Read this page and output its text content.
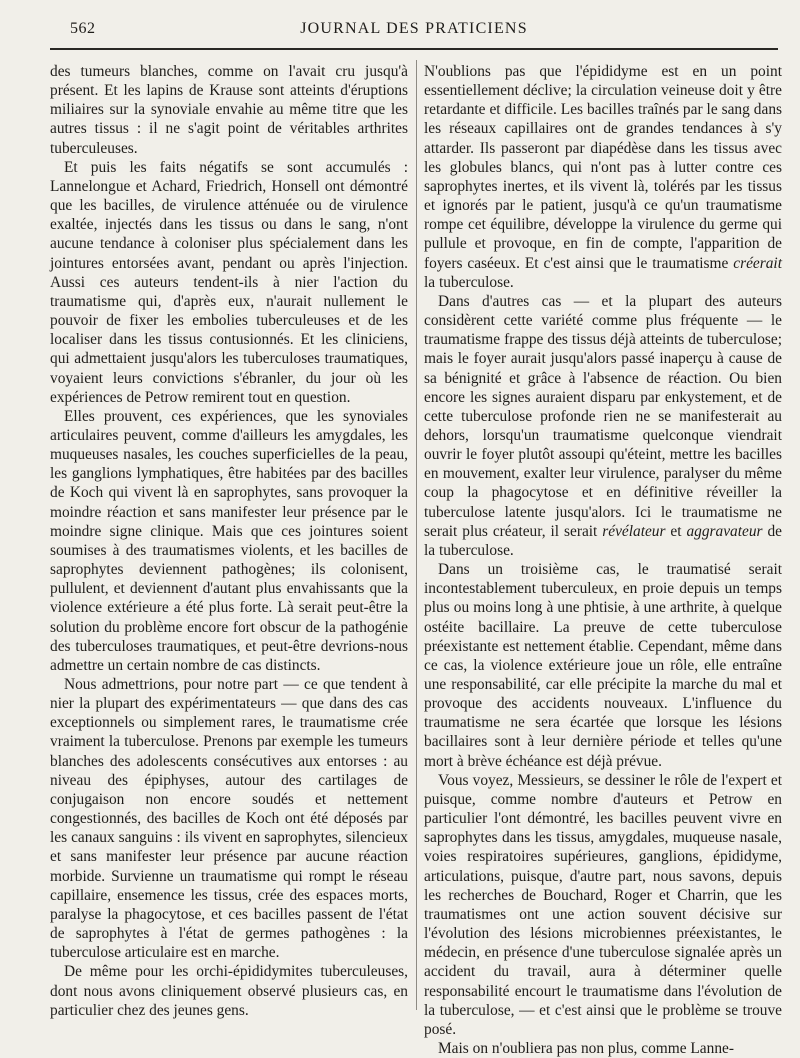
562	JOURNAL DES PRATICIENS

des tumeurs blanches, comme on l'avait cru jusqu'à présent. Et les lapins de Krause sont atteints d'éruptions miliaires sur la synoviale envahie au même titre que les autres tissus : il ne s'agit point de véritables arthrites tuberculeuses.

Et puis les faits négatifs se sont accumulés : Lannelongue et Achard, Friedrich, Honsell ont démontré que les bacilles, de virulence atténuée ou de virulence exaltée, injectés dans les tissus ou dans le sang, n'ont aucune tendance à coloniser plus spécialement dans les jointures entorsées avant, pendant ou après l'injection. Aussi ces auteurs tendent-ils à nier l'action du traumatisme qui, d'après eux, n'aurait nullement le pouvoir de fixer les embolies tuberculeuses et de les localiser dans les tissus contusionnés. Et les cliniciens, qui admettaient jusqu'alors les tuberculoses traumatiques, voyaient leurs convictions s'ébranler, du jour où les expériences de Petrow remirent tout en question.

Elles prouvent, ces expériences, que les synoviales articulaires peuvent, comme d'ailleurs les amygdales, les muqueuses nasales, les couches superficielles de la peau, les ganglions lymphatiques, être habitées par des bacilles de Koch qui vivent là en saprophytes, sans provoquer la moindre réaction et sans manifester leur présence par le moindre signe clinique. Mais que ces jointures soient soumises à des traumatismes violents, et les bacilles de saprophytes deviennent pathogènes; ils colonisent, pullulent, et deviennent d'autant plus envahissants que la violence extérieure a été plus forte. Là serait peut-être la solution du problème encore fort obscur de la pathogénie des tuberculoses traumatiques, et peut-être devrions-nous admettre un certain nombre de cas distincts.

Nous admettrions, pour notre part — ce que tendent à nier la plupart des expérimentateurs — que dans des cas exceptionnels ou simplement rares, le traumatisme crée vraiment la tuberculose. Prenons par exemple les tumeurs blanches des adolescents consécutives aux entorses : au niveau des épiphyses, autour des cartilages de conjugaison non encore soudés et nettement congestionnés, des bacilles de Koch ont été déposés par les canaux sanguins : ils vivent en saprophytes, silencieux et sans manifester leur présence par aucune réaction morbide. Survienne un traumatisme qui rompt le réseau capillaire, ensemence les tissus, crée des espaces morts, paralyse la phagocytose, et ces bacilles passent de l'état de saprophytes à l'état de germes pathogènes : la tuberculose articulaire est en marche.

De même pour les orchi-épididymites tuberculeuses, dont nous avons cliniquement observé plusieurs cas, en particulier chez des jeunes gens.

N'oublions pas que l'épididyme est en un point essentiellement déclive; la circulation veineuse doit y être retardante et difficile. Les bacilles traînés par le sang dans les réseaux capillaires ont de grandes tendances à s'y attarder. Ils passeront par diapédèse dans les tissus avec les globules blancs, qui n'ont pas à lutter contre ces saprophytes inertes, et ils vivent là, tolérés par les tissus et ignorés par le patient, jusqu'à ce qu'un traumatisme rompe cet équilibre, développe la virulence du germe qui pullule et provoque, en fin de compte, l'apparition de foyers caséeux. Et c'est ainsi que le traumatisme créerait la tuberculose.

Dans d'autres cas — et la plupart des auteurs considèrent cette variété comme plus fréquente — le traumatisme frappe des tissus déjà atteints de tuberculose; mais le foyer aurait jusqu'alors passé inaperçu à cause de sa bénignité et grâce à l'absence de réaction. Ou bien encore les signes auraient disparu par enkystement, et de cette tuberculose profonde rien ne se manifesterait au dehors, lorsqu'un traumatisme quelconque viendrait ouvrir le foyer plutôt assoupi qu'éteint, mettre les bacilles en mouvement, exalter leur virulence, paralyser du même coup la phagocytose et en définitive réveiller la tuberculose latente jusqu'alors. Ici le traumatisme ne serait plus créateur, il serait révélateur et aggravateur de la tuberculose.

Dans un troisième cas, le traumatisé serait incontestablement tuberculeux, en proie depuis un temps plus ou moins long à une phtisie, à une arthrite, à quelque ostéite bacillaire. La preuve de cette tuberculose préexistante est nettement établie. Cependant, même dans ce cas, la violence extérieure joue un rôle, elle entraîne une responsabilité, car elle précipite la marche du mal et provoque des accidents nouveaux. L'influence du traumatisme ne sera écartée que lorsque les lésions bacillaires sont à leur dernière période et telles qu'une mort à brève échéance est déjà prévue.

Vous voyez, Messieurs, se dessiner le rôle de l'expert et puisque, comme nombre d'auteurs et Petrow en particulier l'ont démontré, les bacilles peuvent vivre en saprophytes dans les tissus, amygdales, muqueuse nasale, voies respiratoires supérieures, ganglions, épididyme, articulations, puisque, d'autre part, nous savons, depuis les recherches de Bouchard, Roger et Charrin, que les traumatismes ont une action souvent décisive sur l'évolution des lésions microbiennes préexistantes, le médecin, en présence d'une tuberculose signalée après un accident du travail, aura à déterminer quelle responsabilité encourt le traumatisme dans l'évolution de la tuberculose, — et c'est ainsi que le problème se trouve posé.

Mais on n'oubliera pas non plus, comme Lanne-
